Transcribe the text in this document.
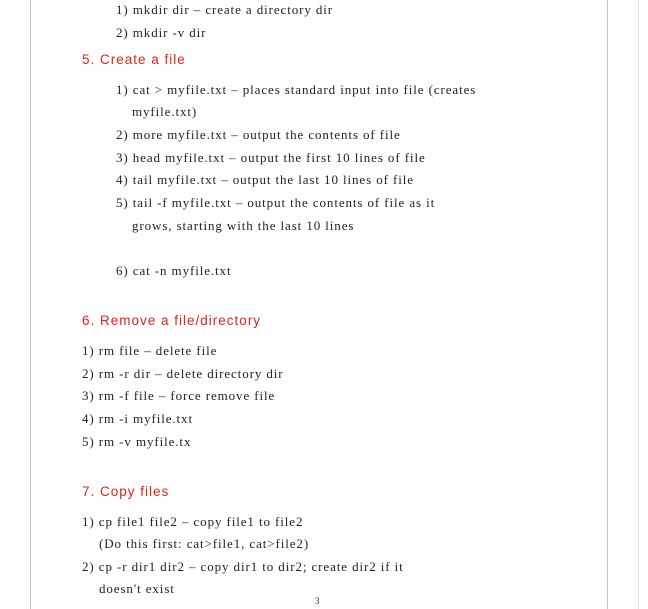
1) mkdir dir – create a directory dir
2) mkdir -v dir
5. Create a file
1) cat > myfile.txt – places standard input into file (creates
myfile.txt)
2) more myfile.txt – output the contents of file
3) head myfile.txt – output the first 10 lines of file
4) tail myfile.txt – output the last 10 lines of file
5) tail -f myfile.txt – output the contents of file as it
grows, starting with the last 10 lines
6) cat -n myfile.txt
6. Remove a file/directory
1) rm file – delete file
2) rm -r dir – delete directory dir
3) rm -f file – force remove file
4) rm -i myfile.txt
5) rm -v myfile.tx
7. Copy files
1) cp file1 file2 – copy file1 to file2
(Do this first: cat>file1, cat>file2)
2) cp -r dir1 dir2 – copy dir1 to dir2; create dir2 if it
doesn't exist
3
